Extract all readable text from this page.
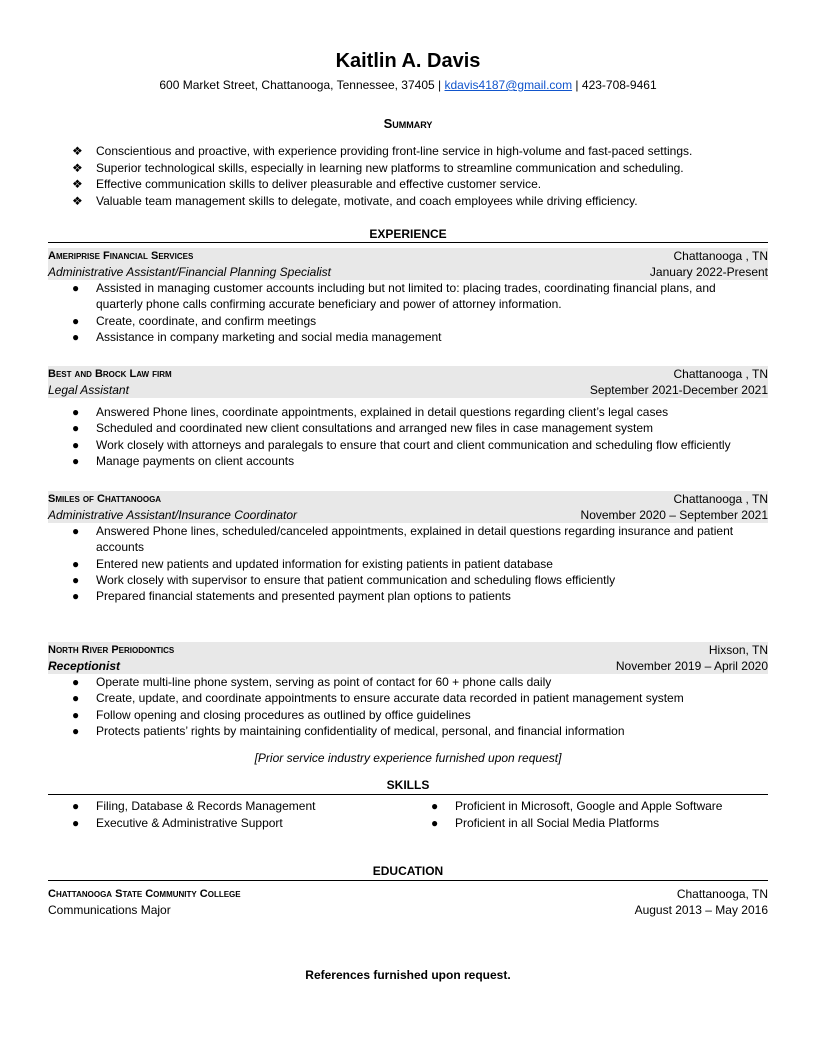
Kaitlin A. Davis
600 Market Street, Chattanooga, Tennessee, 37405 | kdavis4187@gmail.com | 423-708-9461
Summary
❖ Conscientious and proactive, with experience providing front-line service in high-volume and fast-paced settings.
❖ Superior technological skills, especially in learning new platforms to streamline communication and scheduling.
❖ Effective communication skills to deliver pleasurable and effective customer service.
❖ Valuable team management skills to delegate, motivate, and coach employees while driving efficiency.
EXPERIENCE
Ameriprise Financial Services	Chattanooga , TN
Administrative Assistant/Financial Planning Specialist	January 2022-Present
● Assisted in managing customer accounts including but not limited to: placing trades, coordinating financial plans, and
quarterly phone calls confirming accurate beneficiary and power of attorney information.
● Create, coordinate, and confirm meetings
● Assistance in company marketing and social media management
Best and Brock Law firm	Chattanooga , TN
Legal Assistant	September 2021-December 2021
● Answered Phone lines, coordinate appointments, explained in detail questions regarding client’s legal cases
● Scheduled and coordinated new client consultations and arranged new files in case management system
● Work closely with attorneys and paralegals to ensure that court and client communication and scheduling flow efficiently
● Manage payments on client accounts
Smiles of Chattanooga	Chattanooga , TN
Administrative Assistant/Insurance Coordinator	November 2020 – September 2021
● Answered Phone lines, scheduled/canceled appointments, explained in detail questions regarding insurance and patient
accounts
● Entered new patients and updated information for existing patients in patient database
● Work closely with supervisor to ensure that patient communication and scheduling flows efficiently
● Prepared financial statements and presented payment plan options to patients
North River Periodontics	Hixson, TN
Receptionist	November 2019 – April 2020
● Operate multi-line phone system, serving as point of contact for 60 + phone calls daily
● Create, update, and coordinate appointments to ensure accurate data recorded in patient management system
● Follow opening and closing procedures as outlined by office guidelines
● Protects patients’ rights by maintaining confidentiality of medical, personal, and financial information
[Prior service industry experience furnished upon request]
SKILLS
● Filing, Database & Records Management
● Executive & Administrative Support
● Proficient in Microsoft, Google and Apple Software
● Proficient in all Social Media Platforms
EDUCATION
Chattanooga State Community College	Chattanooga, TN
Communications Major	August 2013 – May 2016
References furnished upon request.
